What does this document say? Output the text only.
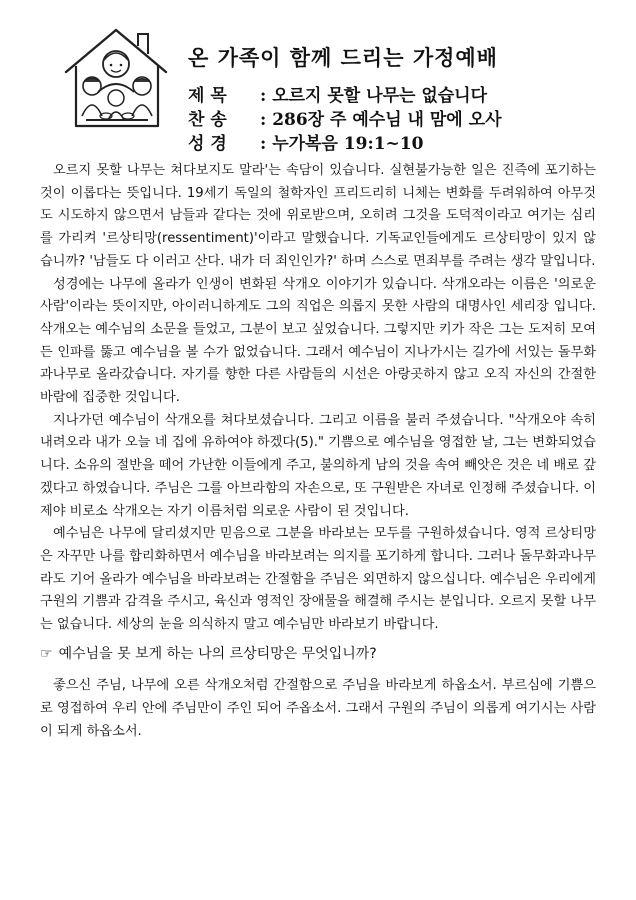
온 가족이 함께 드리는 가정예배
제 목 : 오르지 못할 나무는 없습니다
찬 송 : 286장 주 예수님 내 맘에 오사
성 경 : 누가복음 19:1~10

오르지 못할 나무는 쳐다보지도 말라'는 속담이 있습니다. 실현불가능한 일은 진즉에 포기하는 것이 이롭다는 뜻입니다. 19세기 독일의 철학자인 프리드리히 니체는 변화를 두려워하여 아무것도 시도하지 않으면서 남들과 같다는 것에 위로받으며, 오히려 그것을 도덕적이라고 여기는 심리를 가리켜 '르상티망(ressentiment)'이라고 말했습니다. 기독교인들에게도 르상티망이 있지 않습니까? '남들도 다 이러고 산다. 내가 더 죄인인가?' 하며 스스로 면죄부를 주려는 생각 말입니다.

성경에는 나무에 올라가 인생이 변화된 삭개오 이야기가 있습니다. 삭개오라는 이름은 '의로운 사람'이라는 뜻이지만, 아이러니하게도 그의 직업은 의롭지 못한 사람의 대명사인 세리장 입니다. 삭개오는 예수님의 소문을 들었고, 그분이 보고 싶었습니다. 그렇지만 키가 작은 그는 도저히 모여든 인파를 뚫고 예수님을 볼 수가 없었습니다. 그래서 예수님이 지나가시는 길가에 서있는 돌무화과나무로 올라갔습니다. 자기를 향한 다른 사람들의 시선은 아랑곳하지 않고 오직 자신의 간절한 바람에 집중한 것입니다.

지나가던 예수님이 삭개오를 쳐다보셨습니다. 그리고 이름을 불러 주셨습니다. "삭개오야 속히 내려오라 내가 오늘 네 집에 유하여야 하겠다(5)." 기쁨으로 예수님을 영접한 날, 그는 변화되었습니다. 소유의 절반을 떼어 가난한 이들에게 주고, 불의하게 남의 것을 속여 빼앗은 것은 네 배로 갚겠다고 하였습니다. 주님은 그를 아브라함의 자손으로, 또 구원받은 자녀로 인정해 주셨습니다. 이제야 비로소 삭개오는 자기 이름처럼 의로운 사람이 된 것입니다.

예수님은 나무에 달리셨지만 믿음으로 그분을 바라보는 모두를 구원하셨습니다. 영적 르상티망은 자꾸만 나를 합리화하면서 예수님을 바라보려는 의지를 포기하게 합니다. 그러나 돌무화과나무라도 기어 올라가 예수님을 바라보려는 간절함을 주님은 외면하지 않으십니다. 예수님은 우리에게 구원의 기쁨과 감격을 주시고, 육신과 영적인 장애물을 해결해 주시는 분입니다. 오르지 못할 나무는 없습니다. 세상의 눈을 의식하지 말고 예수님만 바라보기 바랍니다.

☞ 예수님을 못 보게 하는 나의 르상티망은 무엇입니까?

좋으신 주님, 나무에 오른 삭개오처럼 간절함으로 주님을 바라보게 하옵소서. 부르심에 기쁨으로 영접하여 우리 안에 주님만이 주인 되어 주옵소서. 그래서 구원의 주님이 의롭게 여기시는 사람이 되게 하옵소서.
